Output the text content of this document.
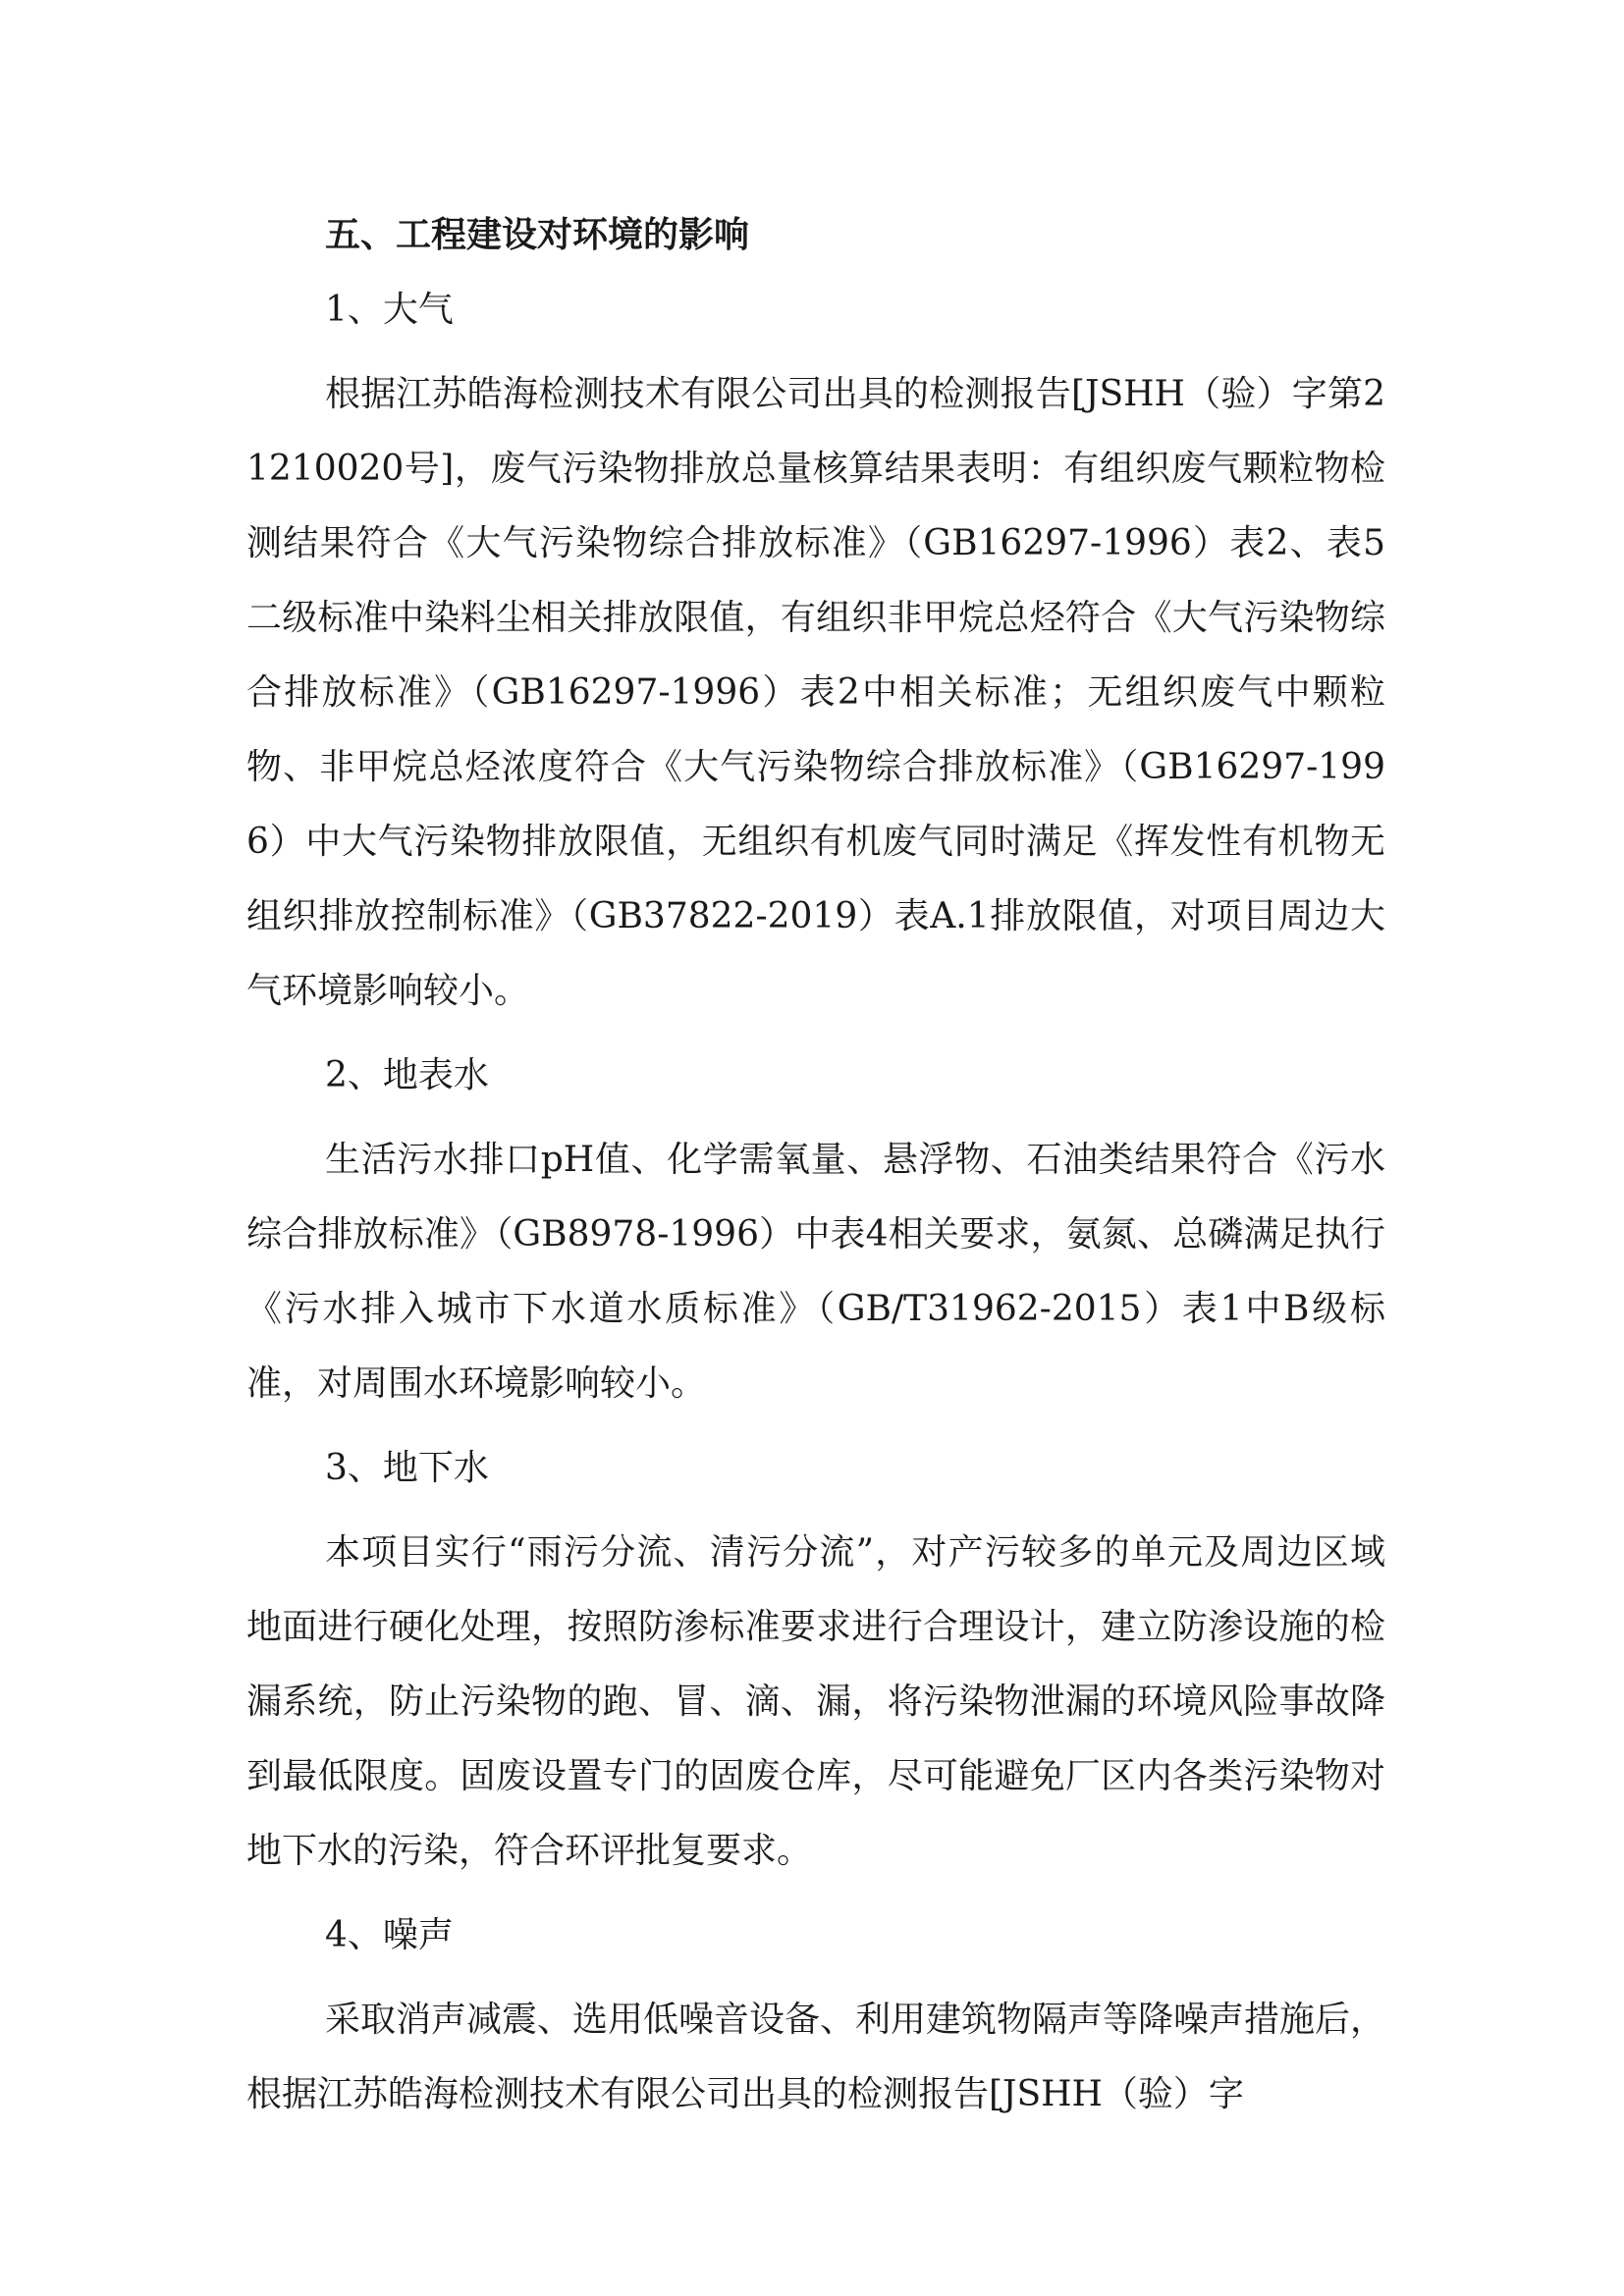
五、工程建设对环境的影响
1、大气

根据江苏皓海检测技术有限公司出具的检测报告[JSHH（验）字第21210020号]，废气污染物排放总量核算结果表明：有组织废气颗粒物检测结果符合《大气污染物综合排放标准》（GB16297-1996）表2、表5二级标准中染料尘相关排放限值，有组织非甲烷总烃符合《大气污染物综合排放标准》（GB16297-1996）表2中相关标准；无组织废气中颗粒物、非甲烷总烃浓度符合《大气污染物综合排放标准》（GB16297-1996）中大气污染物排放限值，无组织有机废气同时满足《挥发性有机物无组织排放控制标准》（GB37822-2019）表A.1排放限值，对项目周边大气环境影响较小。

2、地表水

生活污水排口pH值、化学需氧量、悬浮物、石油类结果符合《污水综合排放标准》（GB8978-1996）中表4相关要求，氨氮、总磷满足执行《污水排入城市下水道水质标准》（GB/T31962-2015）表1中B级标准，对周围水环境影响较小。

3、地下水

本项目实行“雨污分流、清污分流”，对产污较多的单元及周边区域地面进行硬化处理，按照防渗标准要求进行合理设计，建立防渗设施的检漏系统，防止污染物的跑、冒、滴、漏，将污染物泄漏的环境风险事故降到最低限度。固废设置专门的固废仓库，尽可能避免厂区内各类污染物对地下水的污染，符合环评批复要求。

4、噪声

采取消声减震、选用低噪音设备、利用建筑物隔声等降噪声措施后，根据江苏皓海检测技术有限公司出具的检测报告[JSHH（验）字
